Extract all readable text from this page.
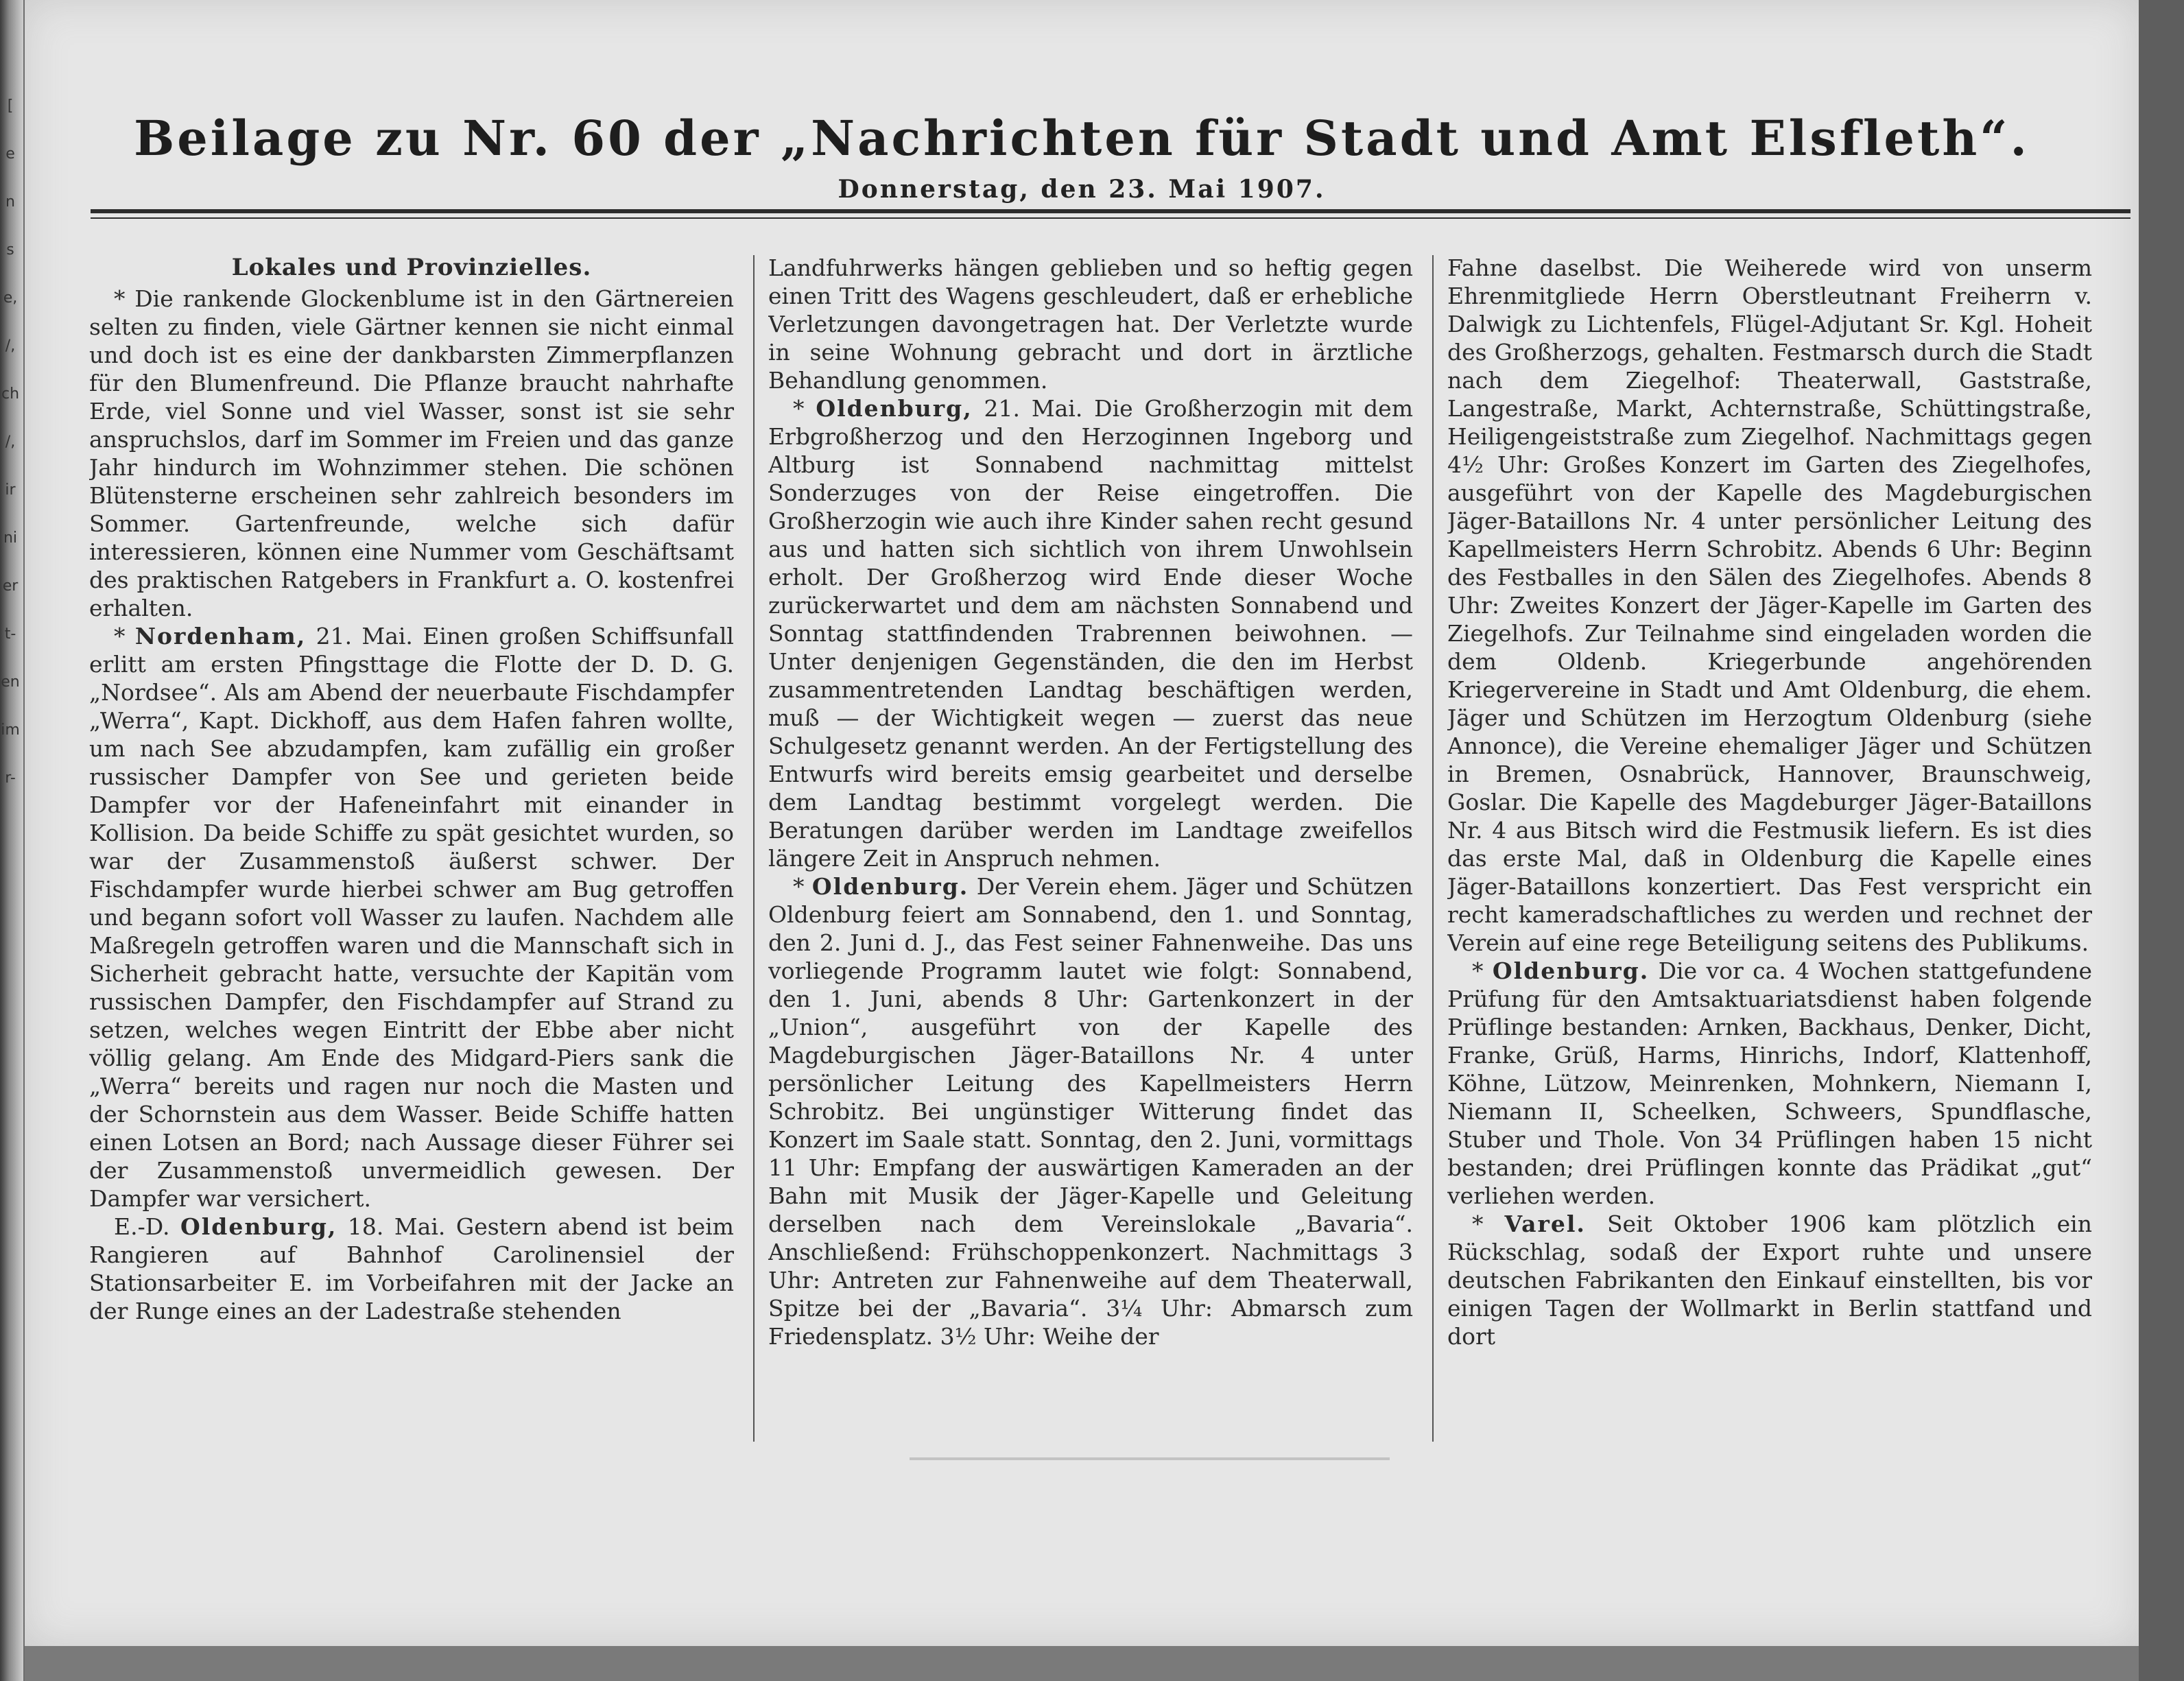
[
e
n
s
e,
/,
ch
/,
ir
ni
er
t-
en
im
r-
Beilage zu Nr. 60 der „Nachrichten für Stadt und Amt Elsfleth“.
Donnerstag, den 23. Mai 1907.
Lokales und Provinzielles.

* Die rankende Glockenblume ist in den Gärtnereien selten zu finden, viele Gärtner kennen sie nicht einmal und doch ist es eine der dankbarsten Zimmerpflanzen für den Blumenfreund. Die Pflanze braucht nahrhafte Erde, viel Sonne und viel Wasser, sonst ist sie sehr anspruchslos, darf im Sommer im Freien und das ganze Jahr hindurch im Wohnzimmer stehen. Die schönen Blütensterne erscheinen sehr zahlreich besonders im Sommer. Gartenfreunde, welche sich dafür interessieren, können eine Nummer vom Geschäftsamt des praktischen Ratgebers in Frankfurt a. O. kostenfrei erhalten.

* Nordenham, 21. Mai. Einen großen Schiffsunfall erlitt am ersten Pfingsttage die Flotte der D. D. G. „Nordsee“. Als am Abend der neuerbaute Fischdampfer „Werra“, Kapt. Dickhoff, aus dem Hafen fahren wollte, um nach See abzudampfen, kam zufällig ein großer russischer Dampfer von See und gerieten beide Dampfer vor der Hafeneinfahrt mit einander in Kollision. Da beide Schiffe zu spät gesichtet wurden, so war der Zusammenstoß äußerst schwer. Der Fischdampfer wurde hierbei schwer am Bug getroffen und begann sofort voll Wasser zu laufen. Nachdem alle Maßregeln getroffen waren und die Mannschaft sich in Sicherheit gebracht hatte, versuchte der Kapitän vom russischen Dampfer, den Fischdampfer auf Strand zu setzen, welches wegen Eintritt der Ebbe aber nicht völlig gelang. Am Ende des Midgard-Piers sank die „Werra“ bereits und ragen nur noch die Masten und der Schornstein aus dem Wasser. Beide Schiffe hatten einen Lotsen an Bord; nach Aussage dieser Führer sei der Zusammenstoß unvermeidlich gewesen. Der Dampfer war versichert.

E.-D. Oldenburg, 18. Mai. Gestern abend ist beim Rangieren auf Bahnhof Carolinensiel der Stationsarbeiter E. im Vorbeifahren mit der Jacke an der Runge eines an der Ladestraße stehenden

Landfuhrwerks hängen geblieben und so heftig gegen einen Tritt des Wagens geschleudert, daß er erhebliche Verletzungen davongetragen hat. Der Verletzte wurde in seine Wohnung gebracht und dort in ärztliche Behandlung genommen.

* Oldenburg, 21. Mai. Die Großherzogin mit dem Erbgroßherzog und den Herzoginnen Ingeborg und Altburg ist Sonnabend nachmittag mittelst Sonderzuges von der Reise eingetroffen. Die Großherzogin wie auch ihre Kinder sahen recht gesund aus und hatten sich sichtlich von ihrem Unwohlsein erholt. Der Großherzog wird Ende dieser Woche zurückerwartet und dem am nächsten Sonnabend und Sonntag stattfindenden Trabrennen beiwohnen. — Unter denjenigen Gegenständen, die den im Herbst zusammentretenden Landtag beschäftigen werden, muß — der Wichtigkeit wegen — zuerst das neue Schulgesetz genannt werden. An der Fertigstellung des Entwurfs wird bereits emsig gearbeitet und derselbe dem Landtag bestimmt vorgelegt werden. Die Beratungen darüber werden im Landtage zweifellos längere Zeit in Anspruch nehmen.

* Oldenburg. Der Verein ehem. Jäger und Schützen Oldenburg feiert am Sonnabend, den 1. und Sonntag, den 2. Juni d. J., das Fest seiner Fahnenweihe. Das uns vorliegende Programm lautet wie folgt: Sonnabend, den 1. Juni, abends 8 Uhr: Gartenkonzert in der „Union“, ausgeführt von der Kapelle des Magdeburgischen Jäger-Bataillons Nr. 4 unter persönlicher Leitung des Kapellmeisters Herrn Schrobitz. Bei ungünstiger Witterung findet das Konzert im Saale statt. Sonntag, den 2. Juni, vormittags 11 Uhr: Empfang der auswärtigen Kameraden an der Bahn mit Musik der Jäger-Kapelle und Geleitung derselben nach dem Vereinslokale „Bavaria“. Anschließend: Frühschoppenkonzert. Nachmittags 3 Uhr: Antreten zur Fahnenweihe auf dem Theaterwall, Spitze bei der „Bavaria“. 3¼ Uhr: Abmarsch zum Friedensplatz. 3½ Uhr: Weihe der

Fahne daselbst. Die Weiherede wird von unserm Ehrenmitgliede Herrn Oberstleutnant Freiherrn v. Dalwigk zu Lichtenfels, Flügel-Adjutant Sr. Kgl. Hoheit des Großherzogs, gehalten. Festmarsch durch die Stadt nach dem Ziegelhof: Theaterwall, Gaststraße, Langestraße, Markt, Achternstraße, Schüttingstraße, Heiligengeiststraße zum Ziegelhof. Nachmittags gegen 4½ Uhr: Großes Konzert im Garten des Ziegelhofes, ausgeführt von der Kapelle des Magdeburgischen Jäger-Bataillons Nr. 4 unter persönlicher Leitung des Kapellmeisters Herrn Schrobitz. Abends 6 Uhr: Beginn des Festballes in den Sälen des Ziegelhofes. Abends 8 Uhr: Zweites Konzert der Jäger-Kapelle im Garten des Ziegelhofs. Zur Teilnahme sind eingeladen worden die dem Oldenb. Kriegerbunde angehörenden Kriegervereine in Stadt und Amt Oldenburg, die ehem. Jäger und Schützen im Herzogtum Oldenburg (siehe Annonce), die Vereine ehemaliger Jäger und Schützen in Bremen, Osnabrück, Hannover, Braunschweig, Goslar. Die Kapelle des Magdeburger Jäger-Bataillons Nr. 4 aus Bitsch wird die Festmusik liefern. Es ist dies das erste Mal, daß in Oldenburg die Kapelle eines Jäger-Bataillons konzertiert. Das Fest verspricht ein recht kameradschaftliches zu werden und rechnet der Verein auf eine rege Beteiligung seitens des Publikums.

* Oldenburg. Die vor ca. 4 Wochen stattgefundene Prüfung für den Amtsaktuariatsdienst haben folgende Prüflinge bestanden: Arnken, Backhaus, Denker, Dicht, Franke, Grüß, Harms, Hinrichs, Indorf, Klattenhoff, Köhne, Lützow, Meinrenken, Mohnkern, Niemann I, Niemann II, Scheelken, Schweers, Spundflasche, Stuber und Thole. Von 34 Prüflingen haben 15 nicht bestanden; drei Prüflingen konnte das Prädikat „gut“ verliehen werden.

* Varel. Seit Oktober 1906 kam plötzlich ein Rückschlag, sodaß der Export ruhte und unsere deutschen Fabrikanten den Einkauf einstellten, bis vor einigen Tagen der Wollmarkt in Berlin stattfand und dort
